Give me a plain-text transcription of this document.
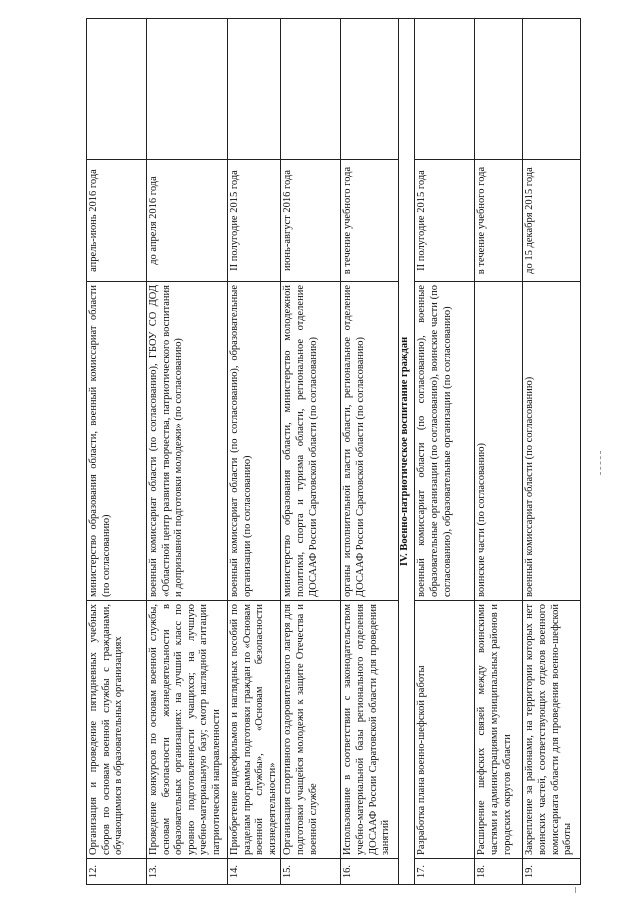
12.	Организация и проведение пятидневных учебных сборов по основам военной службы с гражданами, обучающимися в образовательных организациях	министерство образования области, военный комиссариат области (по согласованию)	апрель-июнь 2016 года	
13.	Проведение конкурсов по основам военной службы, основам безопасности жизнедеятельности в образовательных организациях: на лучший класс по уровню подготовленности учащихся; на лучшую учебно-материальную базу; смотр наглядной агитации патриотической направленности	военный комиссариат области (по согласованию), ГБОУ СО ДОД «Областной центр развития творчества, патриотического воспитания и допризывной подготовки молодежи» (по согласованию)	до апреля 2016 года	
14.	Приобретение видеофильмов и наглядных пособий по разделам программы подготовки граждан по «Основам военной службы», «Основам безопасности жизнедеятельности»	военный комиссариат области (по согласованию), образовательные организации (по согласованию)	II полугодие 2015 года	
15.	Организация спортивного оздоровительного лагеря для подготовки учащейся молодежи к защите Отечества и военной службе	министерство образования области, министерство молодежной политики, спорта и туризма области, региональное отделение ДОСААФ России Саратовской области (по согласованию)	июнь-август 2016 года	
16.	Использование в соответствии с законодательством учебно-материальной базы регионального отделения ДОСААФ России Саратовской области для проведения занятий	органы исполнительной власти области, региональное отделение ДОСААФ России Саратовской области (по согласованию)	в течение учебного года	
IV. Военно-патриотическое воспитание граждан				
17.	Разработка плана военно-шефской работы	военный комиссариат области (по согласованию), военные образовательные организации (по согласованию), воинские части (по согласованию), образовательные организации (по согласованию)	II полугодие 2015 года	
18.	Расширение шефских связей между воинскими частями и администрациями муниципальных районов и городских округов области	воинские части (по согласованию)	в течение учебного года	
19.	Закрепление за районами, на территории которых нет воинских частей, соответствующих отделов военного комиссариата области для проведения военно-шефской работы	военный комиссариат области (по согласованию)	до 15 декабря 2015 года	
